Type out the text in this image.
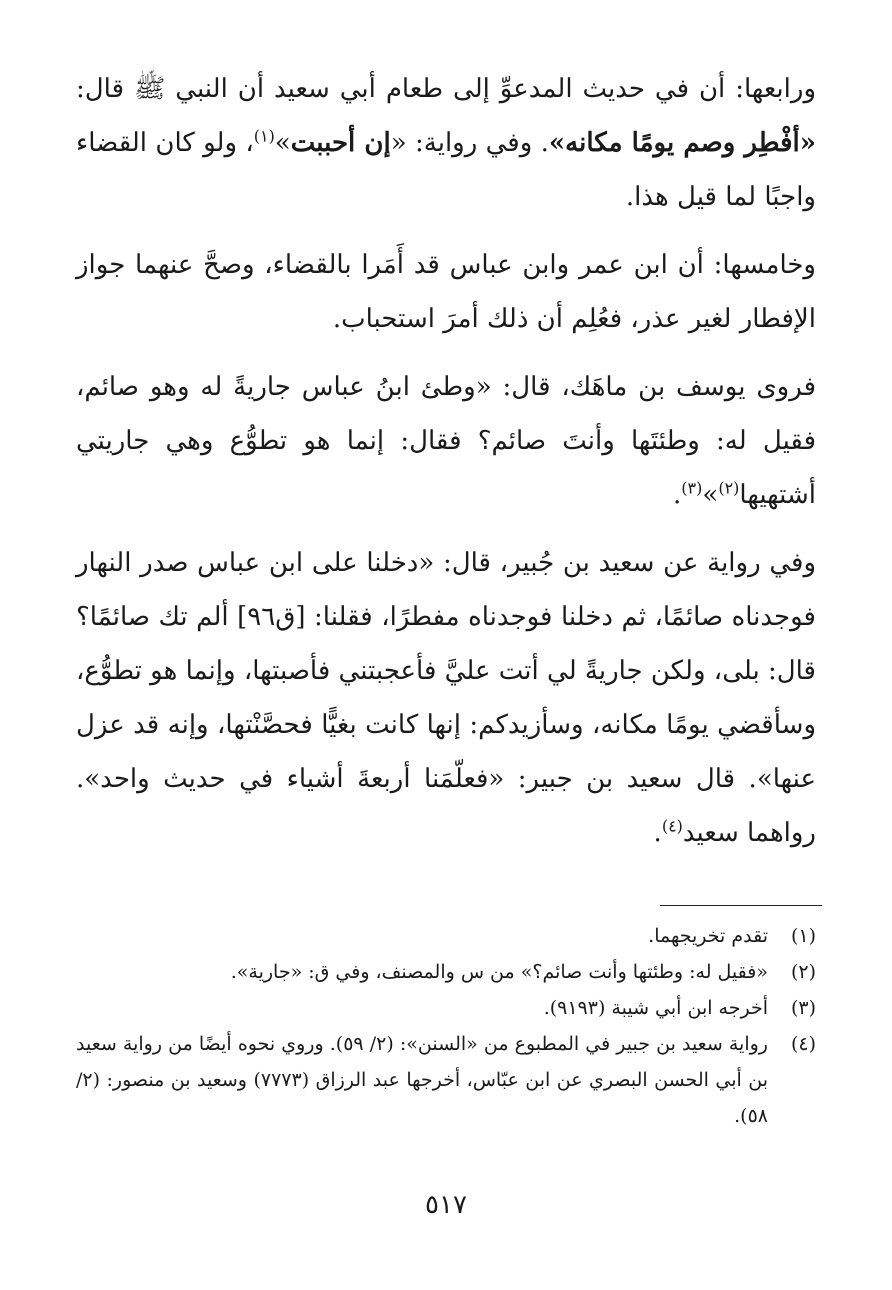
ورابعها: أن في حديث المدعوِّ إلى طعام أبي سعيد أن النبي ﷺ قال: «أفْطِر وصم يومًا مكانه». وفي رواية: «إن أحببت»$^{(١)}$، ولو كان القضاء واجبًا لما قيل هذا.

وخامسها: أن ابن عمر وابن عباس قد أَمَرا بالقضاء، وصحَّ عنهما جواز الإفطار لغير عذر، فعُلِم أن ذلك أمرَ استحباب.

فروى يوسف بن ماهَك، قال: «وطئ ابنُ عباس جاريةً له وهو صائم، فقيل له: وطئتَها وأنتَ صائم؟ فقال: إنما هو تطوُّع وهي جاريتي أشتهيها$^{(٢)}$»$^{(٣)}$.

وفي رواية عن سعيد بن جُبير، قال: «دخلنا على ابن عباس صدر النهار فوجدناه صائمًا، ثم دخلنا فوجدناه مفطرًا، فقلنا: [ق٩٦] ألم تك صائمًا؟ قال: بلى، ولكن جاريةً لي أتت عليَّ فأعجبتني فأصبتها، وإنما هو تطوُّع، وسأقضي يومًا مكانه، وسأزيدكم: إنها كانت بغيًّا فحصَّنْتها، وإنه قد عزل عنها». قال سعيد بن جبير: «فعلّمَنا أربعةَ أشياء في حديث واحد». رواهما سعيد$^{(٤)}$.

(١)
تقدم تخريجهما.
(٢)
«فقيل له: وطئتها وأنت صائم؟» من س والمصنف، وفي ق: «جارية».
(٣)
أخرجه ابن أبي شيبة (٩١٩٣).
(٤)
رواية سعيد بن جبير في المطبوع من «السنن»: (٢/ ٥٩). وروي نحوه أيضًا من رواية سعيد بن أبي الحسن البصري عن ابن عبّاس، أخرجها عبد الرزاق (٧٧٧٣) وسعيد بن منصور: (٢/ ٥٨).
٥١٧
